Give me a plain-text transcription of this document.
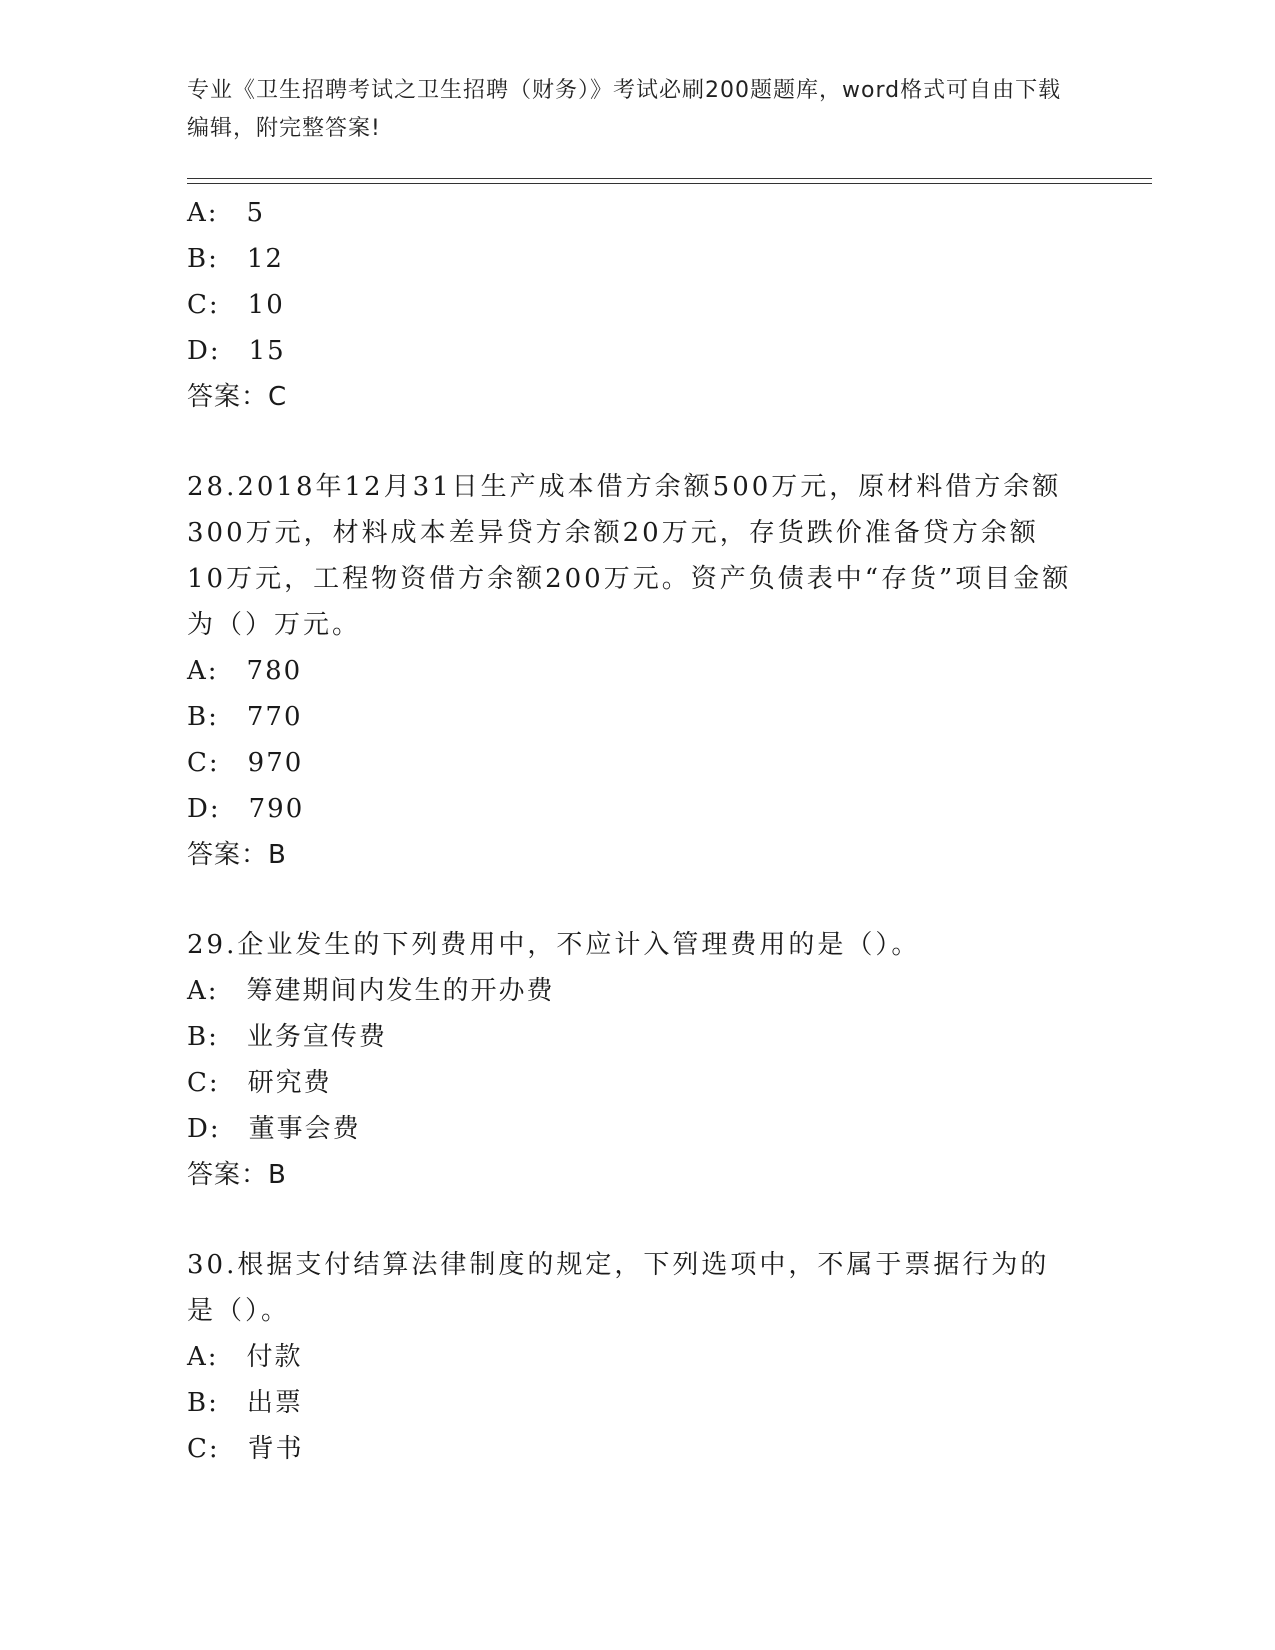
专业《卫生招聘考试之卫生招聘（财务）》考试必刷200题题库，word格式可自由下载编辑，附完整答案!
A: 5
B: 12
C: 10
D: 15
答案：C
28.2018年12月31日生产成本借方余额500万元，原材料借方余额300万元，材料成本差异贷方余额20万元，存货跌价准备贷方余额10万元，工程物资借方余额200万元。资产负债表中“存货”项目金额为（）万元。
A: 780
B: 770
C: 970
D: 790
答案：B
29.企业发生的下列费用中，不应计入管理费用的是（）。
A: 筹建期间内发生的开办费
B: 业务宣传费
C: 研究费
D: 董事会费
答案：B
30.根据支付结算法律制度的规定，下列选项中，不属于票据行为的是（）。
A: 付款
B: 出票
C: 背书
